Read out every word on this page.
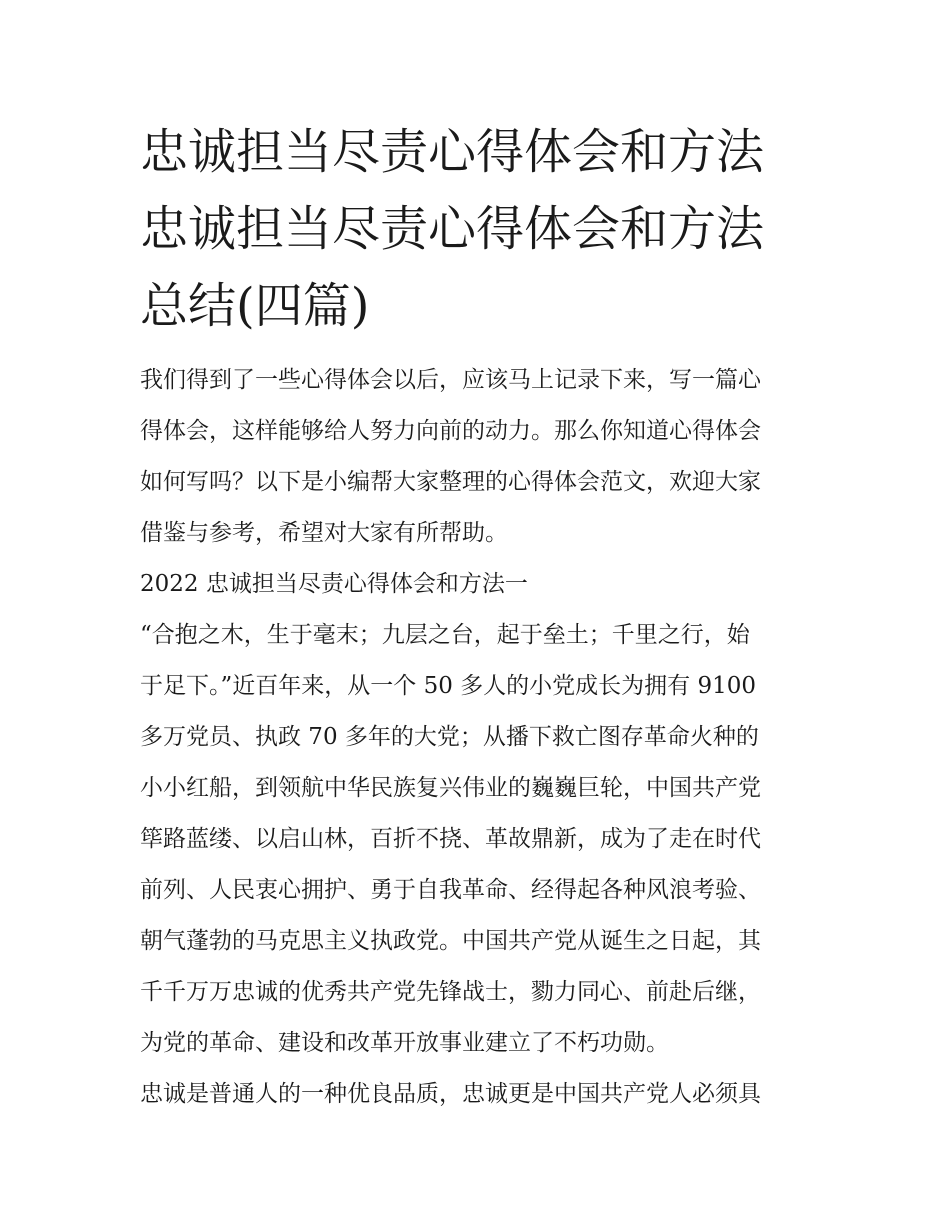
忠诚担当尽责心得体会和方法
忠诚担当尽责心得体会和方法
总结(四篇)
我们得到了一些心得体会以后，应该马上记录下来，写一篇心
得体会，这样能够给人努力向前的动力。那么你知道心得体会
如何写吗？以下是小编帮大家整理的心得体会范文，欢迎大家
借鉴与参考，希望对大家有所帮助。
2022 忠诚担当尽责心得体会和方法一
“合抱之木，生于毫末；九层之台，起于垒土；千里之行，始
于足下。”近百年来，从一个 50 多人的小党成长为拥有 9100
多万党员、执政 70 多年的大党；从播下救亡图存革命火种的
小小红船，到领航中华民族复兴伟业的巍巍巨轮，中国共产党
筚路蓝缕、以启山林，百折不挠、革故鼎新，成为了走在时代
前列、人民衷心拥护、勇于自我革命、经得起各种风浪考验、
朝气蓬勃的马克思主义执政党。中国共产党从诞生之日起，其
千千万万忠诚的优秀共产党先锋战士，勠力同心、前赴后继，
为党的革命、建设和改革开放事业建立了不朽功勋。
忠诚是普通人的一种优良品质，忠诚更是中国共产党人必须具
